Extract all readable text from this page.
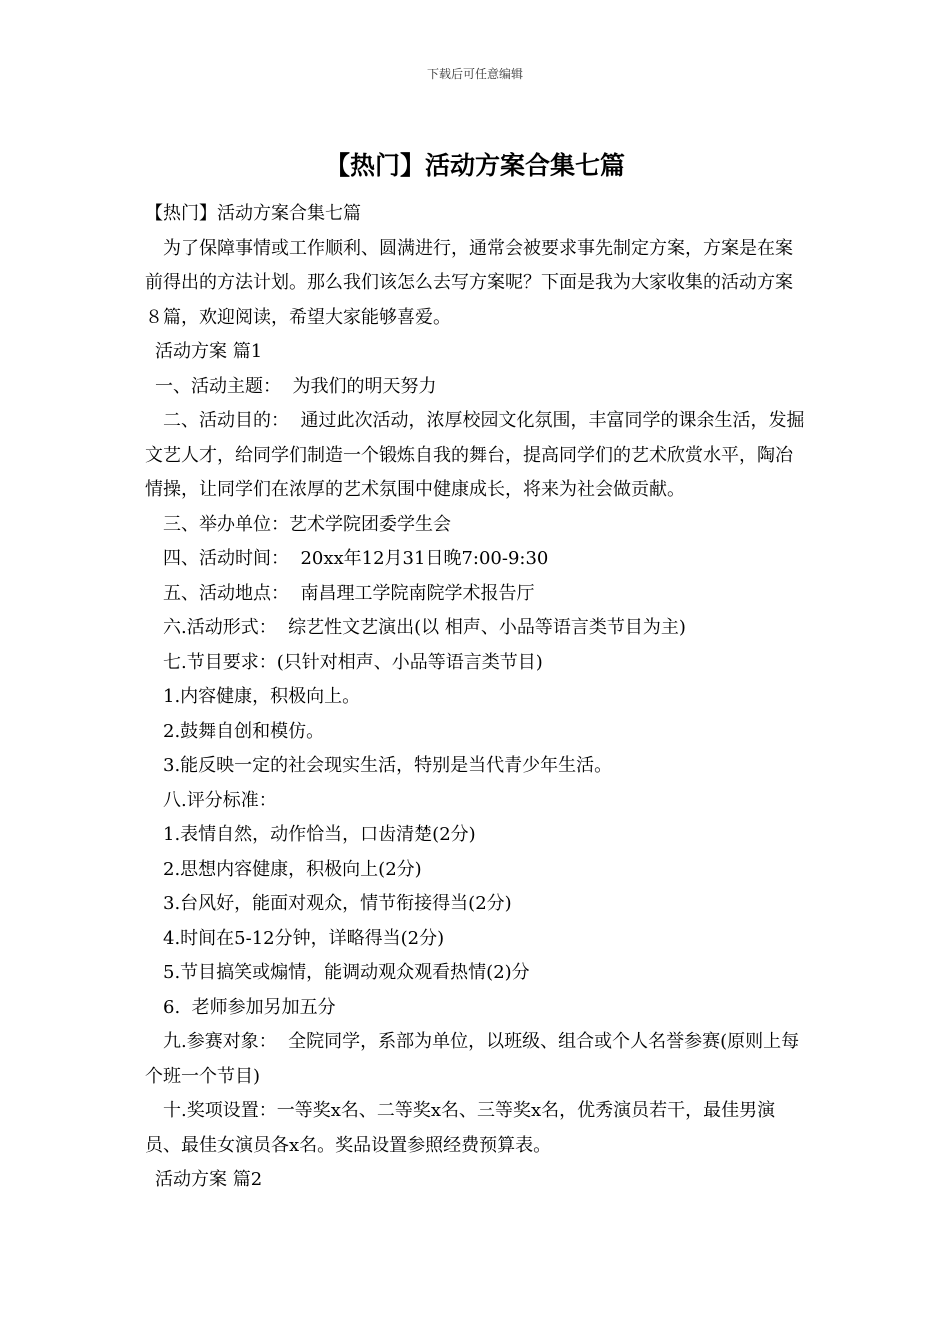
下载后可任意编辑
【热门】活动方案合集七篇

【热门】活动方案合集七篇

为了保障事情或工作顺利、圆满进行，通常会被要求事先制定方案，方案是在案前得出的方法计划。那么我们该怎么去写方案呢？下面是我为大家收集的活动方案８篇，欢迎阅读，希望大家能够喜爱。

活动方案 篇1

一、活动主题：  为我们的明天努力

二、活动目的：  通过此次活动，浓厚校园文化氛围，丰富同学的课余生活，发掘文艺人才，给同学们制造一个锻炼自我的舞台，提高同学们的艺术欣赏水平，陶冶情操，让同学们在浓厚的艺术氛围中健康成长，将来为社会做贡献。

三、举办单位：艺术学院团委学生会

四、活动时间：  20xx年12月31日晚7:00-9:30

五、活动地点：  南昌理工学院南院学术报告厅

六.活动形式：  综艺性文艺演出(以 相声、小品等语言类节目为主)

七.节目要求：(只针对相声、小品等语言类节目)

1.内容健康，积极向上。

2.鼓舞自创和模仿。

3.能反映一定的社会现实生活，特别是当代青少年生活。

八.评分标准：

1.表情自然，动作恰当，口齿清楚(2分)

2.思想内容健康，积极向上(2分)

3.台风好，能面对观众，情节衔接得当(2分)

4.时间在5-12分钟，详略得当(2分)

5.节目搞笑或煽情，能调动观众观看热情(2)分

6.  老师参加另加五分

九.参赛对象：  全院同学，系部为单位，以班级、组合或个人名誉参赛(原则上每个班一个节目)

十.奖项设置：一等奖x名、二等奖x名、三等奖x名，优秀演员若干，最佳男演员、最佳女演员各x名。奖品设置参照经费预算表。

活动方案 篇2
